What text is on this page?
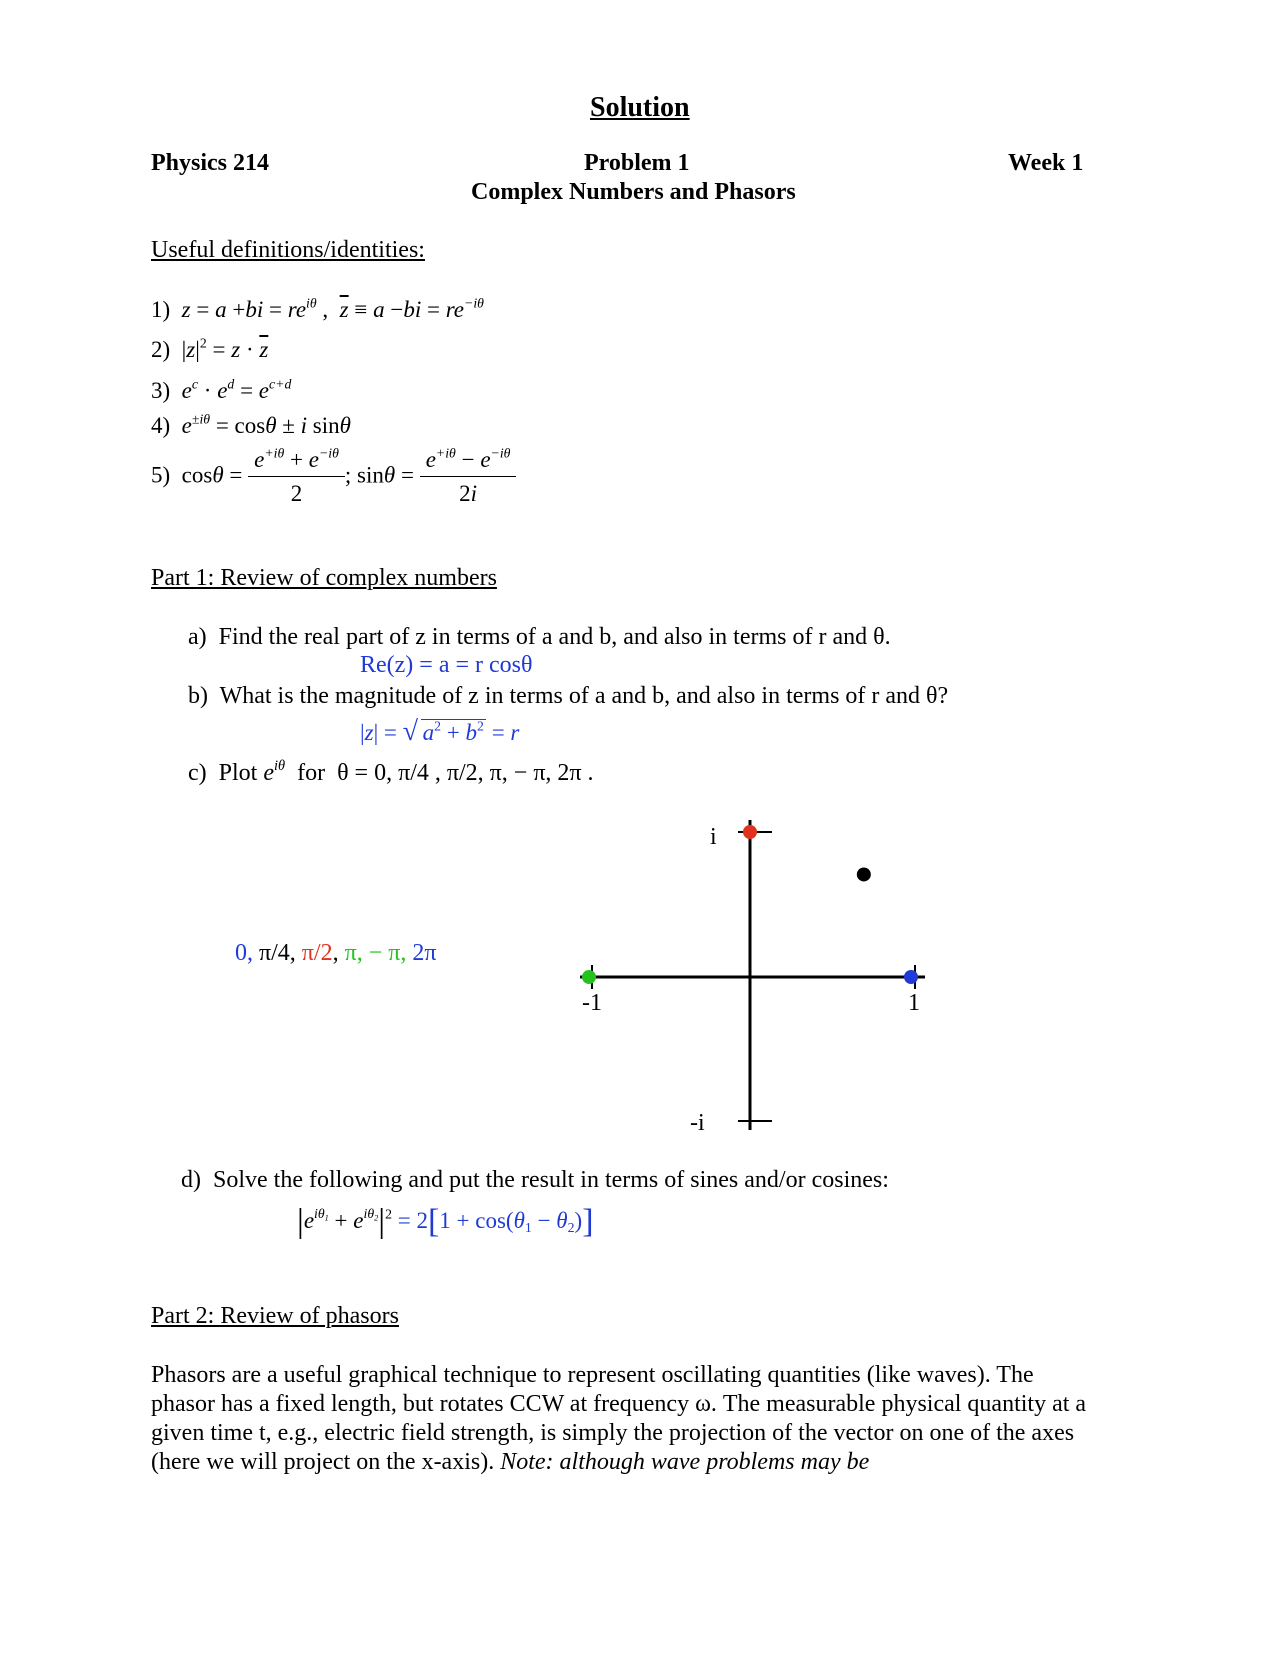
Solution
Physics 214	Problem 1	Week 1
Complex Numbers and Phasors
Useful definitions/identities:
1) $z = a +bi = re^{i\theta}$ ,  $\overline{z} \equiv a -bi = re^{-i\theta}$
2)  $|z|^2 = z \cdot \overline{z}$
3) $e^c \cdot e^d = e^{c+d}$
4) $e^{\pm i\theta} = \cos\theta \pm i$ sinθ
5)  $\cos\theta = \frac{e^{+i\theta} + e^{-i\theta}}{2}$ ; $\sin\theta = \frac{e^{+i\theta} - e^{-i\theta}}{2i}$
Part 1: Review of complex numbers
a) Find the real part of z in terms of a and b, and also in terms of r and θ.
Re(z) = a = r cosθ
b) What is the magnitude of z in terms of a and b, and also in terms of r and θ?
|z| = √ $a^2 + b^2 = r$
c) Plot $e^{i\theta}$ for θ = 0, π/4 , π/2, π, − π, 2π .
0, π/4, π/2, π, − π, 2π
i
-i
-1	1
d) Solve the following and put the result in terms of sines and/or cosines:
$|e^{i\theta_1} + e^{i\theta_2}|^2 = 2[1 + \cos(\theta_1 - \theta_2)]$
Part 2: Review of phasors
Phasors are a useful graphical technique to represent oscillating quantities (like waves). The phasor has a fixed length, but rotates CCW at frequency ω. The measurable physical quantity at a given time t, e.g., electric field strength, is simply the projection of the vector on one of the axes (here we will project on the x-axis). Note: although wave problems may be
